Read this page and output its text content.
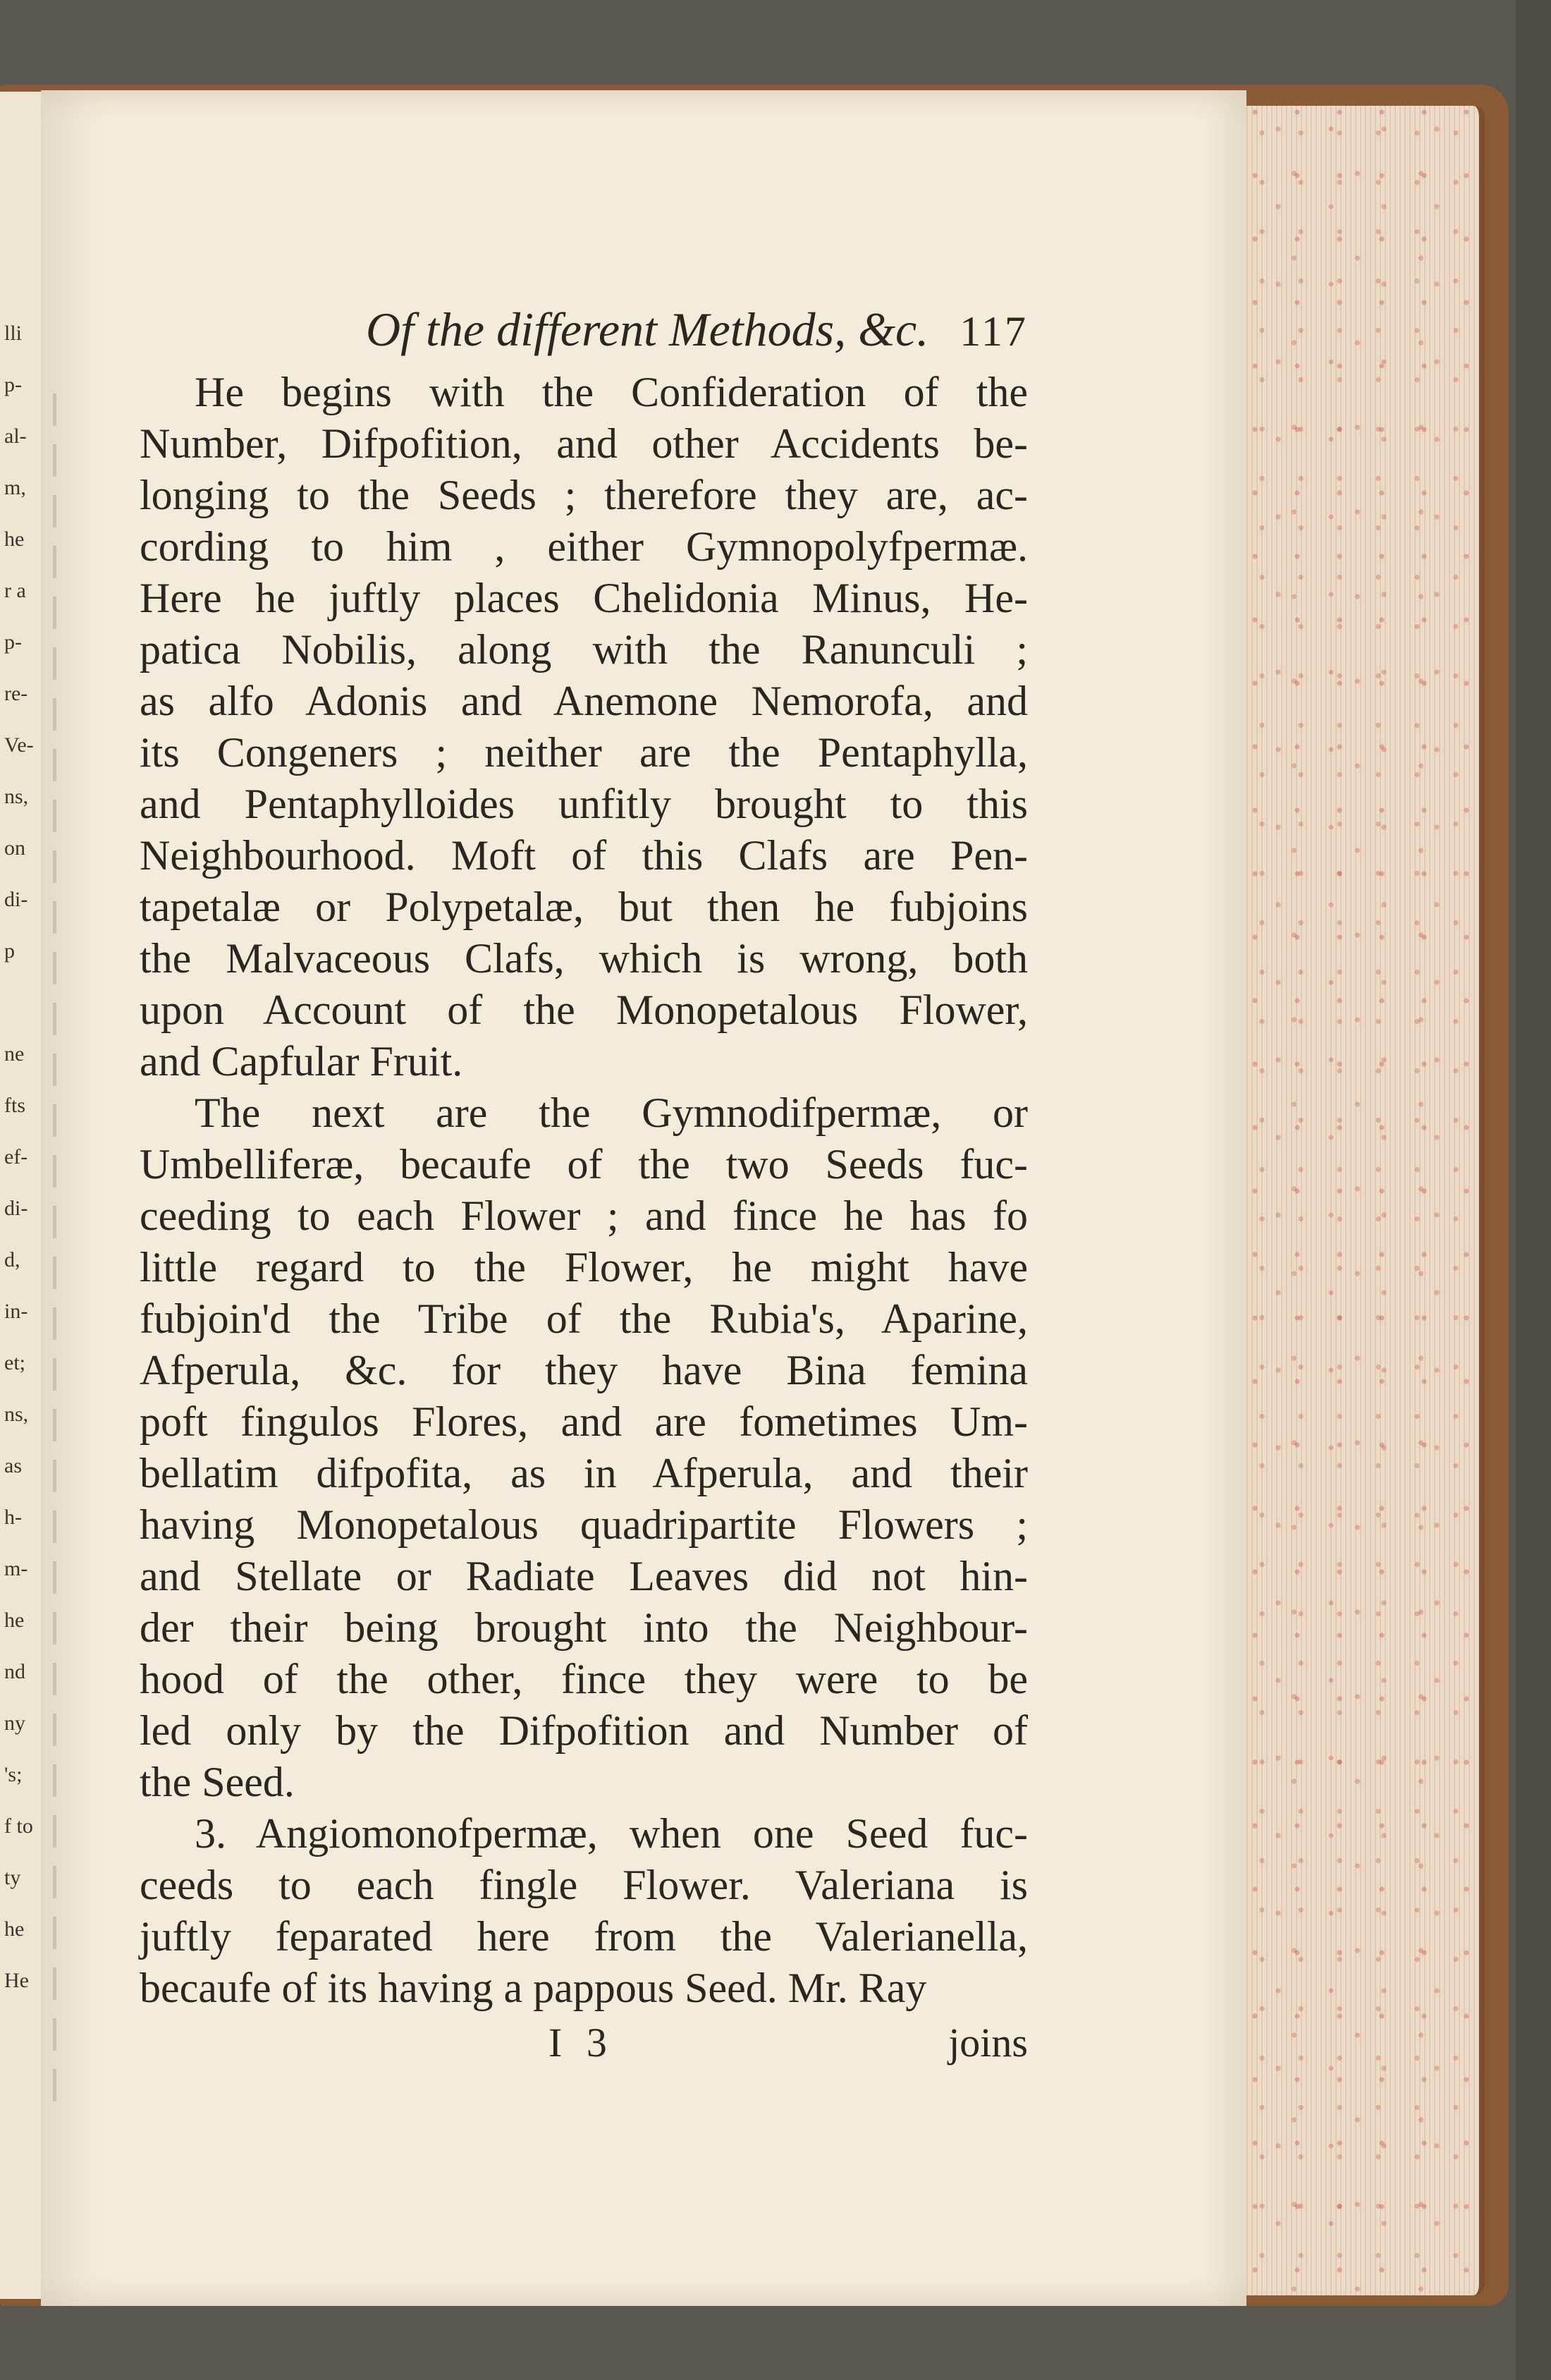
lli
p-
al-
m,
he
r a
p-
re-
Ve-
ns,
on
di-
p
ne
fts
ef-
di-
d,
in-
et;
ns,
as
h-
m-
he
nd
ny
's;
f to
ty
he
He
Of the different Methods, &c. 117
He begins with the Confideration of the
Number, Difpofition, and other Accidents be-
longing to the Seeds ; therefore they are, ac-
cording to him , either Gymnopolyfpermæ.
Here he juftly places Chelidonia Minus, He-
patica Nobilis, along with the Ranunculi ;
as alfo Adonis and Anemone Nemorofa, and
its Congeners ; neither are the Pentaphylla,
and Pentaphylloides unfitly brought to this
Neighbourhood. Moft of this Clafs are Pen-
tapetalæ or Polypetalæ, but then he fubjoins
the Malvaceous Clafs, which is wrong, both
upon Account of the Monopetalous Flower,
and Capfular Fruit.
The next are the Gymnodifpermæ, or
Umbelliferæ, becaufe of the two Seeds fuc-
ceeding to each Flower ; and fince he has fo
little regard to the Flower, he might have
fubjoin'd the Tribe of the Rubia's, Aparine,
Afperula, &c. for they have Bina femina
poft fingulos Flores, and are fometimes Um-
bellatim difpofita, as in Afperula, and their
having Monopetalous quadripartite Flowers ;
and Stellate or Radiate Leaves did not hin-
der their being brought into the Neighbour-
hood of the other, fince they were to be
led only by the Difpofition and Number of
the Seed.
3. Angiomonofpermæ, when one Seed fuc-
ceeds to each fingle Flower. Valeriana is
juftly feparated here from the Valerianella,
becaufe of its having a pappous Seed. Mr. Ray
I 3	joins
